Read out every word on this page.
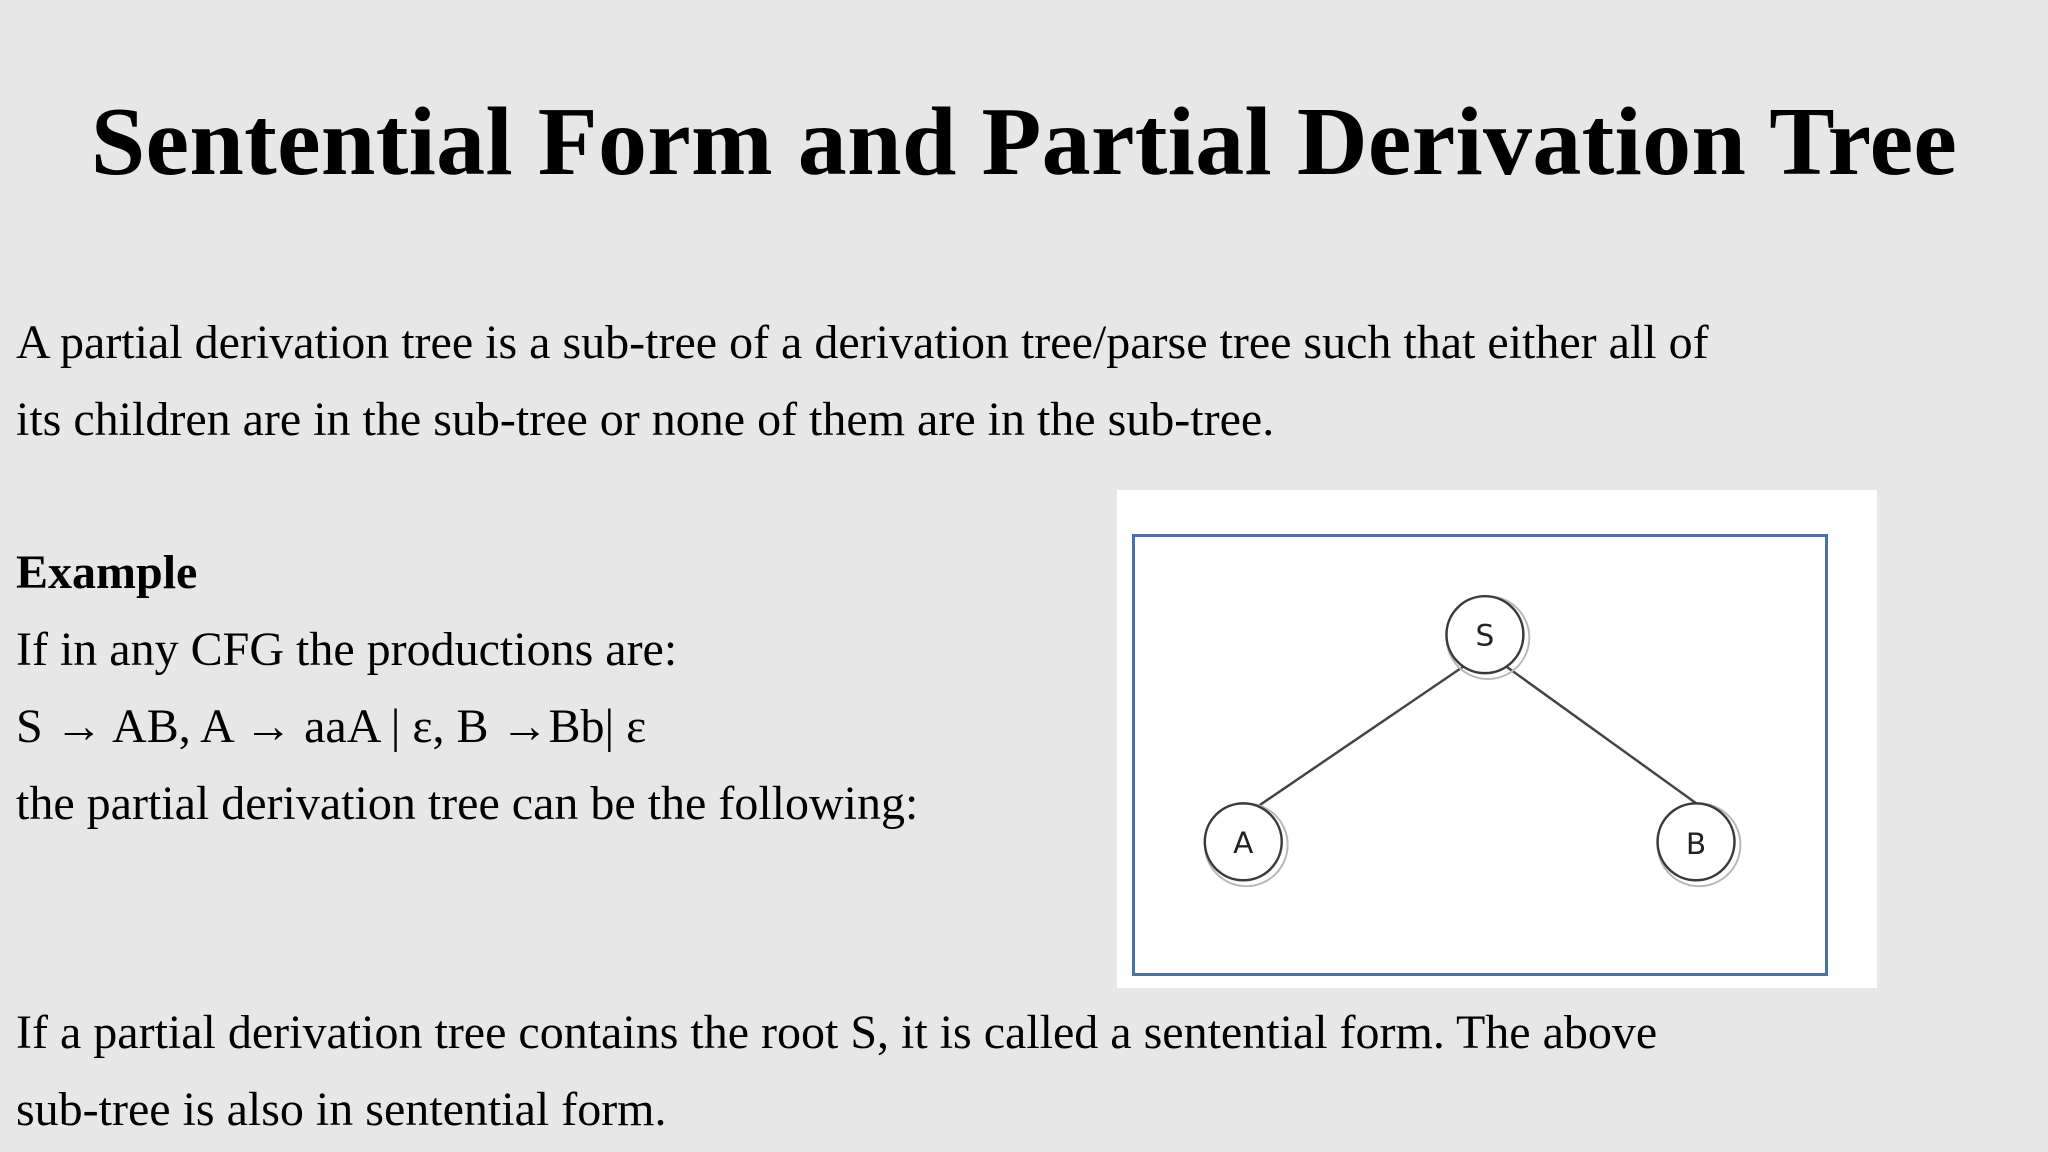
Sentential Form and Partial Derivation Tree
A partial derivation tree is a sub-tree of a derivation tree/parse tree such that either all of
its children are in the sub-tree or none of them are in the sub-tree.
Example
If in any CFG the productions are:
S → AB, A → aaA | ε, B →Bb| ε
the partial derivation tree can be the following:
S
A	B
If a partial derivation tree contains the root S, it is called a sentential form. The above
sub-tree is also in sentential form.
